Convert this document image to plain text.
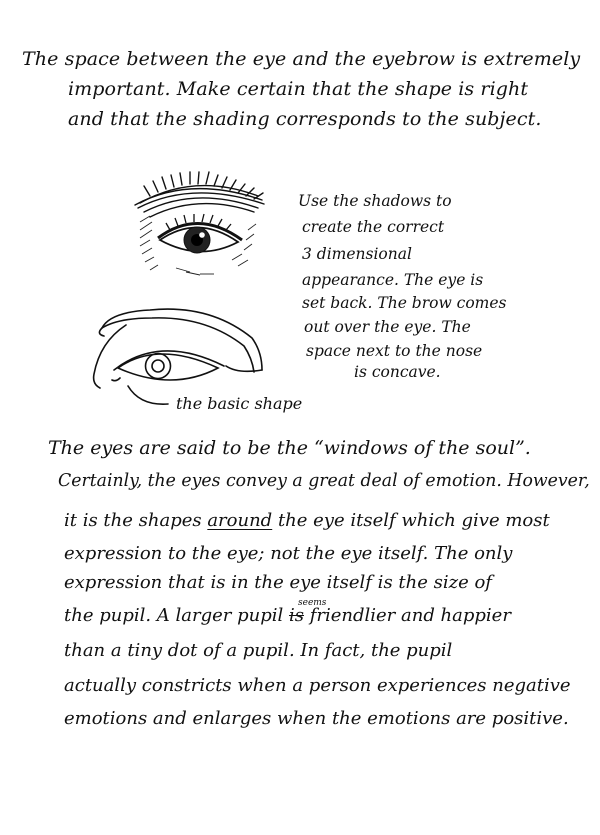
The space between the eye and the eyebrow is extremely
important. Make certain that the shape is right
and that the shading corresponds to the subject.
Use the shadows to
create the correct
3 dimensional
appearance. The eye is
set back. The brow comes
out over the eye. The
space next to the nose
is concave.
the basic shape
The eyes are said to be the “windows of the soul”.
Certainly, the eyes convey a great deal of emotion. However,
it is the shapes around the eye itself which give most
expression to the eye; not the eye itself. The only
expression that is in the eye itself is the size of
the pupil. A larger pupil is friendlier and happier
seems
than a tiny dot of a pupil. In fact, the pupil
actually constricts when a person experiences negative
emotions and enlarges when the emotions are positive.
